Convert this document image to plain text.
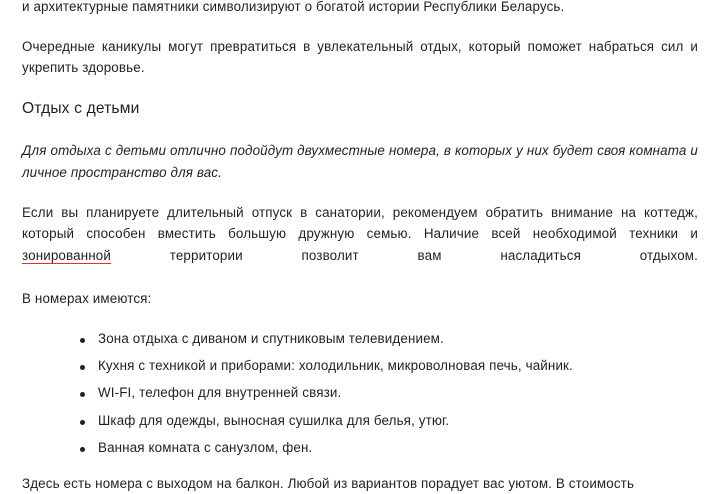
и архитектурные памятники символизируют о богатой истории Республики Беларусь.

Очередные каникулы могут превратиться в увлекательный отдых, который поможет набраться сил и укрепить здоровье.

Отдых с детьми

Для отдыха с детьми отлично подойдут двухместные номера, в которых у них будет своя комната и личное пространство для вас.

Если вы планируете длительный отпуск в санатории, рекомендуем обратить внимание на коттедж, который способен вместить большую дружную семью. Наличие всей необходимой техники и зонированной территории позволит вам насладиться отдыхом.

В номерах имеются:

Зона отдыха с диваном и спутниковым телевидением.
Кухня с техникой и приборами: холодильник, микроволновая печь, чайник.
WI-FI, телефон для внутренней связи.
Шкаф для одежды, выносная сушилка для белья, утюг.
Ванная комната с санузлом, фен.

Здесь есть номера с выходом на балкон. Любой из вариантов порадует вас уютом. В стоимость
